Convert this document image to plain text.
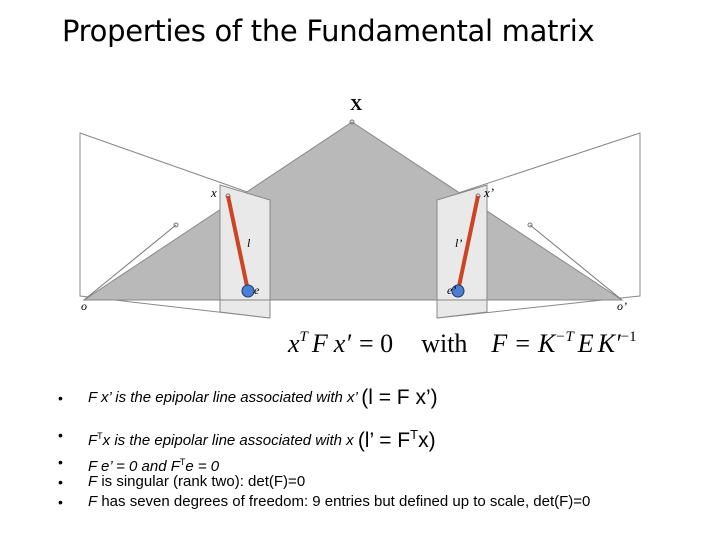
Properties of the Fundamental matrix
X
x	x’
l	l’
e	e’
o	o’
$x^T$ F x′ = 0 with $F = K^{-T}$ E $K'^{-1}$
• F x’ is the epipolar line associated with x’ (l = F x’)
• $F^Tx$ is the epipolar line associated with x (l’ = $F^Tx$)
• F e’ = 0 and $F^Te = 0$
• F is singular (rank two): det(F)=0
• F has seven degrees of freedom: 9 entries but defined up to scale, det(F)=0
